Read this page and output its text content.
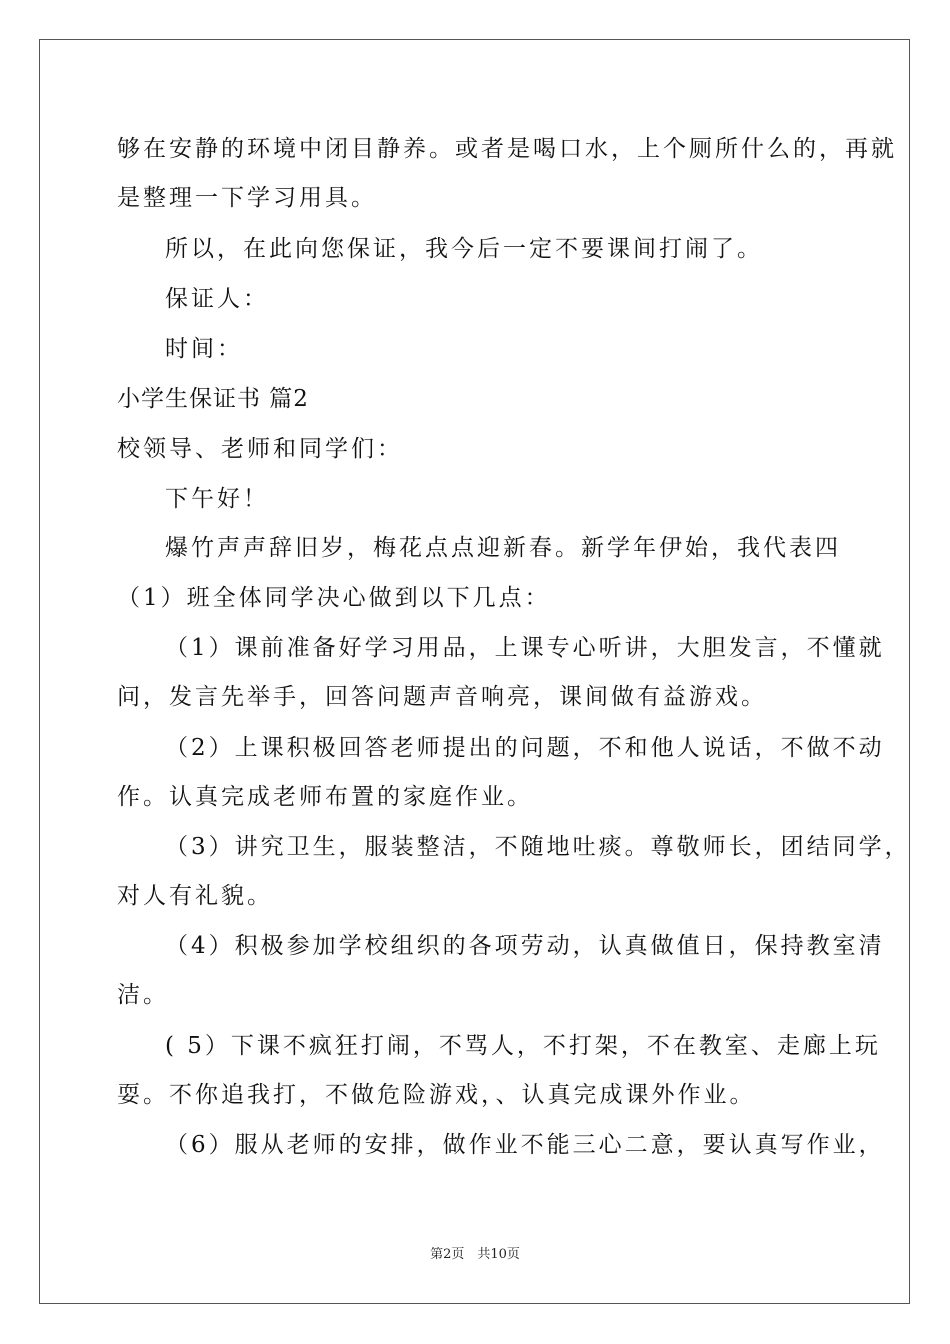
够在安静的环境中闭目静养。或者是喝口水，上个厕所什么的，再就
是整理一下学习用具。
所以，在此向您保证，我今后一定不要课间打闹了。
保证人：
时间：
小学生保证书 篇2
校领导、老师和同学们：
下午好！
爆竹声声辞旧岁，梅花点点迎新春。新学年伊始，我代表四
（1）班全体同学决心做到以下几点：
（1）课前准备好学习用品，上课专心听讲，大胆发言，不懂就
问，发言先举手，回答问题声音响亮，课间做有益游戏。
（2）上课积极回答老师提出的问题，不和他人说话，不做不动
作。认真完成老师布置的家庭作业。
（3）讲究卫生，服装整洁，不随地吐痰。尊敬师长，团结同学，
对人有礼貌。
（4）积极参加学校组织的各项劳动，认真做值日，保持教室清
洁。
( 5）下课不疯狂打闹，不骂人，不打架，不在教室、走廊上玩
耍。不你追我打，不做危险游戏，、认真完成课外作业。
（6）服从老师的安排，做作业不能三心二意，要认真写作业，
第2页　共10页
